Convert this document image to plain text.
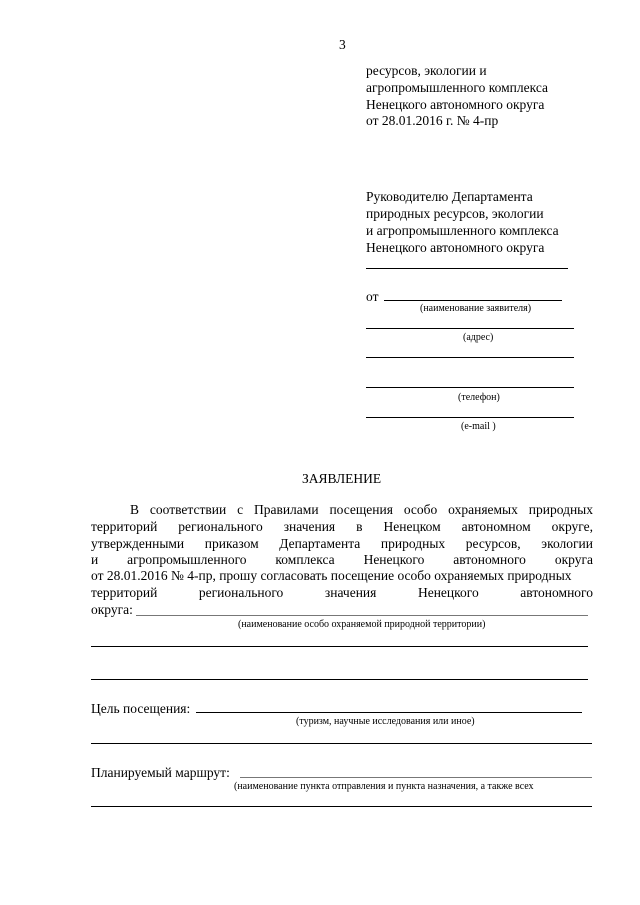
3
ресурсов, экологии и
агропромышленного комплекса
Ненецкого автономного округа
от 28.01.2016 г. № 4-пр
Руководителю Департамента
природных ресурсов, экологии
и агропромышленного комплекса
Ненецкого автономного округа
от
(наименование заявителя)
(адрес)
(телефон)
(e-mail )
ЗАЯВЛЕНИЕ
В соответствии с Правилами посещения особо охраняемых природных
территорий регионального значения в Ненецком автономном округе,
утвержденными приказом Департамента природных ресурсов, экологии
и агропромышленного комплекса Ненецкого автономного округа
от 28.01.2016 № 4-пр, прошу согласовать посещение особо охраняемых природных
территорий регионального значения Ненецкого автономного
округа:
(наименование особо охраняемой природной территории)
Цель посещения:
(туризм, научные исследования или иное)
Планируемый маршрут:
(наименование пункта отправления и пункта назначения, а также всех
